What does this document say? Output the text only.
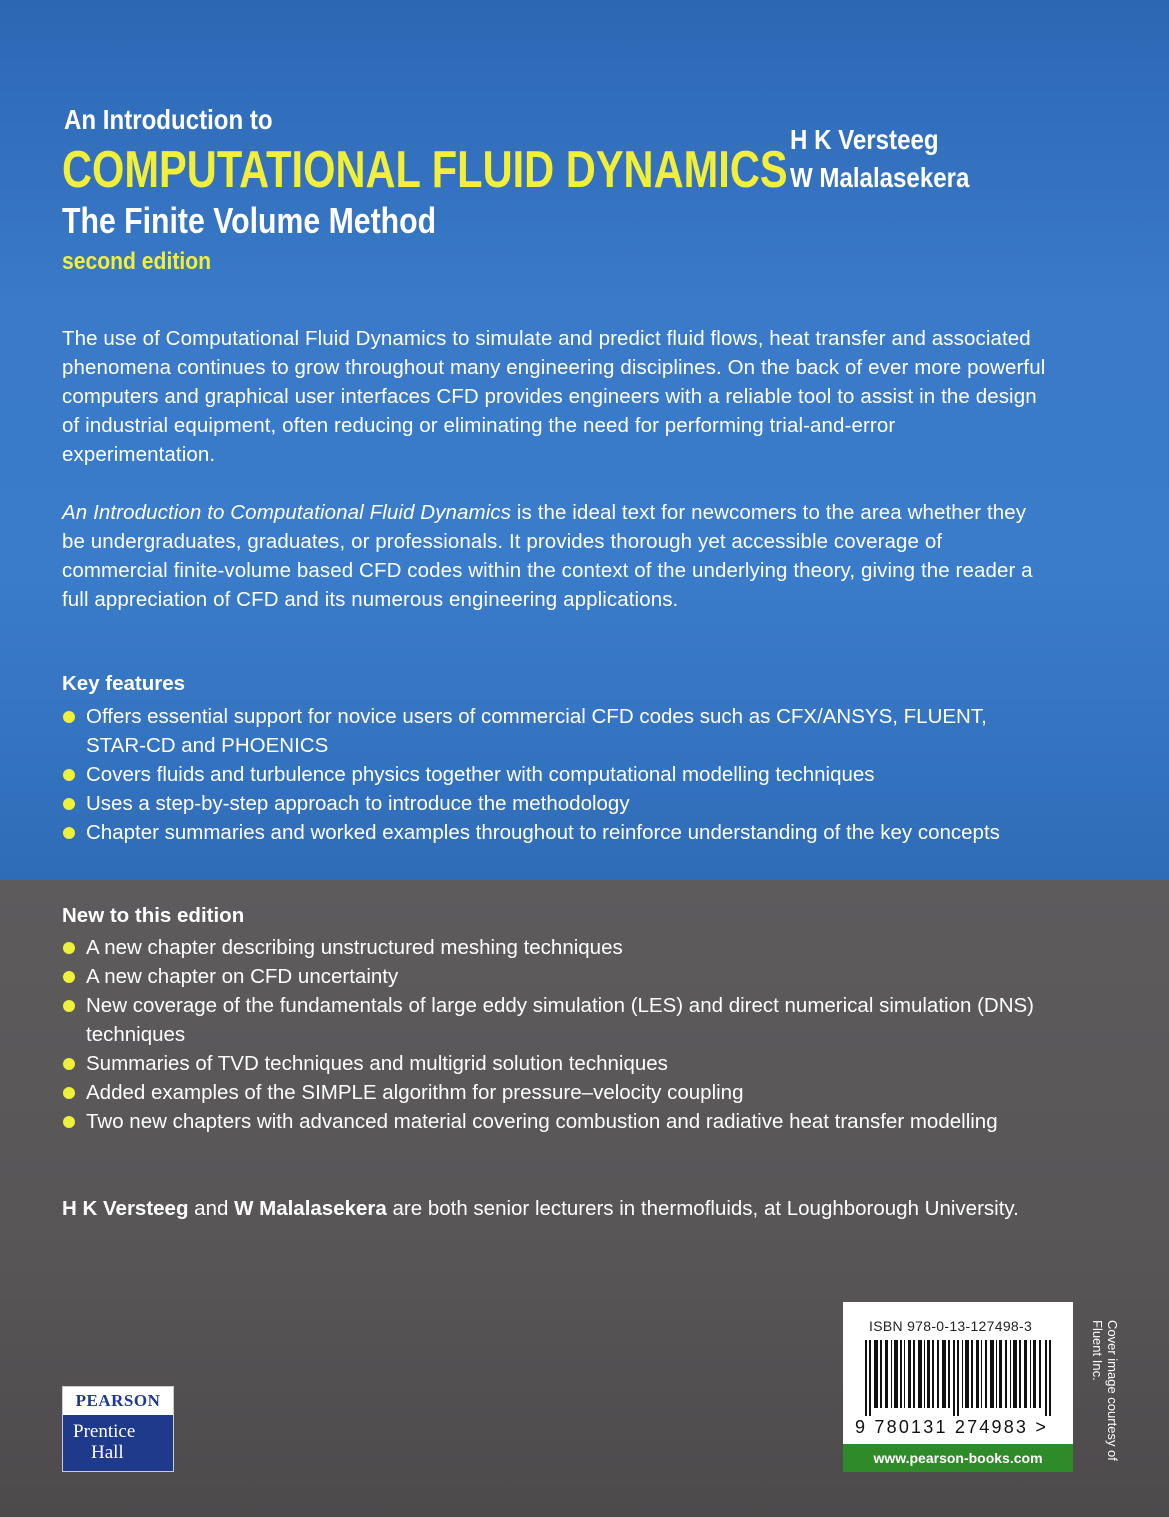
An Introduction to
COMPUTATIONAL FLUID DYNAMICS
The Finite Volume Method
second edition
H K Versteeg
W Malalasekera
The use of Computational Fluid Dynamics to simulate and predict fluid flows, heat transfer and associated phenomena continues to grow throughout many engineering disciplines. On the back of ever more powerful computers and graphical user interfaces CFD provides engineers with a reliable tool to assist in the design of industrial equipment, often reducing or eliminating the need for performing trial-and-error experimentation.
An Introduction to Computational Fluid Dynamics is the ideal text for newcomers to the area whether they be undergraduates, graduates, or professionals. It provides thorough yet accessible coverage of commercial finite-volume based CFD codes within the context of the underlying theory, giving the reader a full appreciation of CFD and its numerous engineering applications.
Key features
Offers essential support for novice users of commercial CFD codes such as CFX/ANSYS, FLUENT, STAR-CD and PHOENICS
Covers fluids and turbulence physics together with computational modelling techniques
Uses a step-by-step approach to introduce the methodology
Chapter summaries and worked examples throughout to reinforce understanding of the key concepts
New to this edition
A new chapter describing unstructured meshing techniques
A new chapter on CFD uncertainty
New coverage of the fundamentals of large eddy simulation (LES) and direct numerical simulation (DNS) techniques
Summaries of TVD techniques and multigrid solution techniques
Added examples of the SIMPLE algorithm for pressure–velocity coupling
Two new chapters with advanced material covering combustion and radiative heat transfer modelling
H K Versteeg and W Malalasekera are both senior lecturers in thermofluids, at Loughborough University.
PEARSON
Prentice
Hall
ISBN 978-0-13-127498-3
9 780131 274983 >
www.pearson-books.com	Cover image courtesy of Fluent Inc.
